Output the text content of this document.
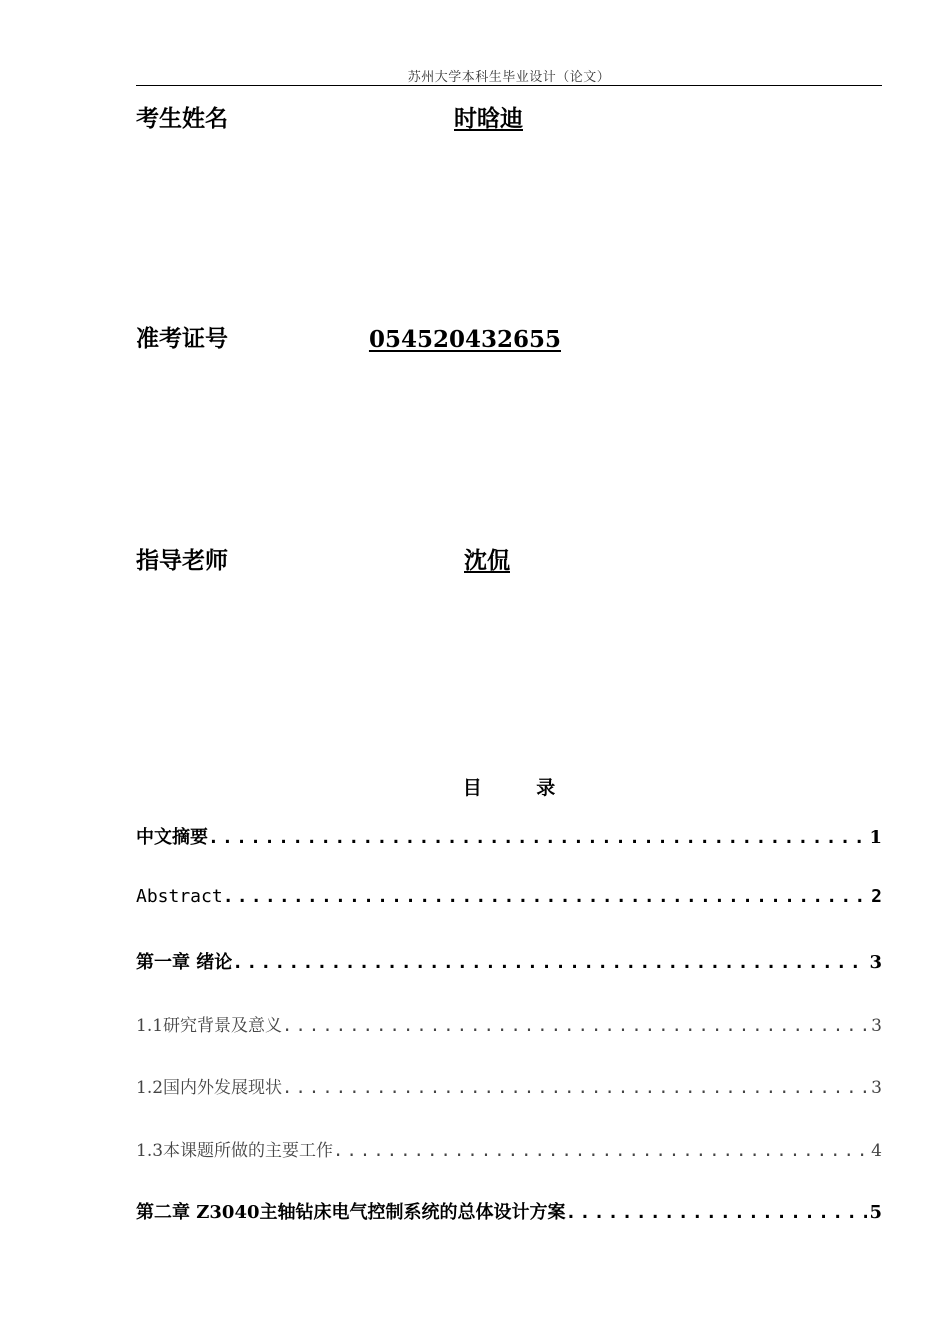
苏州大学本科生毕业设计（论文）
考生姓名	时晗迪
准考证号	054520432655
指导老师	沈侃
目 录
中文摘要 .....	1
Abstract .....	2
第一章 绪论 .....	3
1.1研究背景及意义 .....	3
1.2国内外发展现状 .....	3
1.3本课题所做的主要工作 .....	4
第二章 Z3040主轴钻床电气控制系统的总体设计方案 .....	5
